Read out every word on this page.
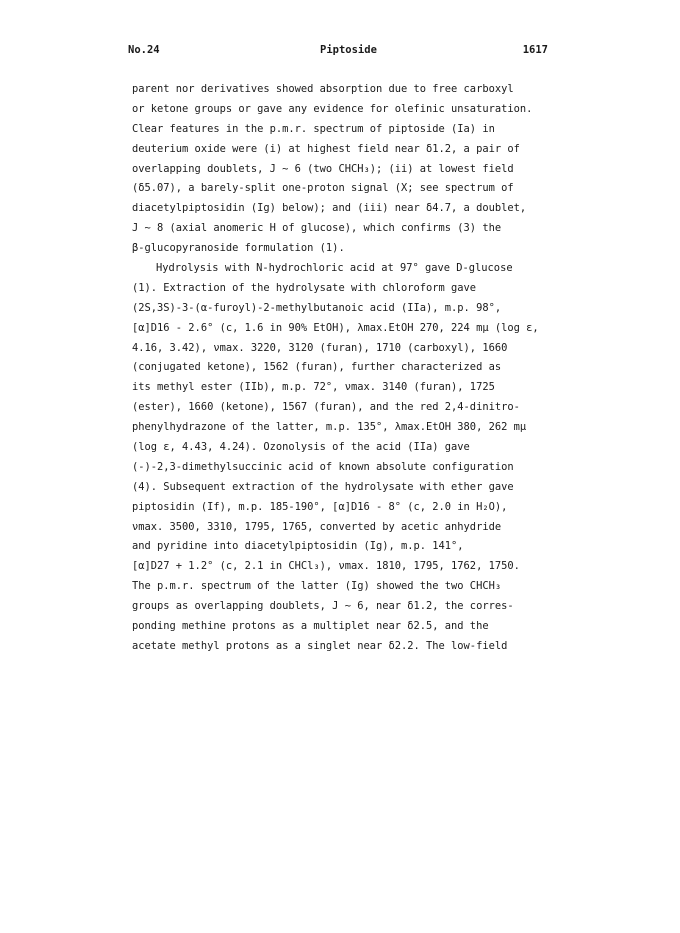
No.24	Piptoside	1617
parent nor derivatives showed absorption due to free carboxyl
or ketone groups or gave any evidence for olefinic unsaturation.
Clear features in the p.m.r. spectrum of piptoside (Ia) in
deuterium oxide were (i) at highest field near δ1.2, a pair of
overlapping doublets, J ∼ 6 (two CHCH₃); (ii) at lowest field
(δ5.07), a barely-split one-proton signal (X; see spectrum of
diacetylpiptosidin (Ig) below); and (iii) near δ4.7, a doublet,
J ∼ 8 (axial anomeric H of glucose), which confirms (3) the
β-glucopyranoside formulation (1).
Hydrolysis with N-hydrochloric acid at 97° gave D-glucose
(1). Extraction of the hydrolysate with chloroform gave
(2S,3S)-3-(α-furoyl)-2-methylbutanoic acid (IIa), m.p. 98°,
[α]D16 - 2.6° (c, 1.6 in 90% EtOH), λmax.EtOH 270, 224 mμ (log ε,
4.16, 3.42), νmax. 3220, 3120 (furan), 1710 (carboxyl), 1660
(conjugated ketone), 1562 (furan), further characterized as
its methyl ester (IIb), m.p. 72°, νmax. 3140 (furan), 1725
(ester), 1660 (ketone), 1567 (furan), and the red 2,4-dinitro-
phenylhydrazone of the latter, m.p. 135°, λmax.EtOH 380, 262 mμ
(log ε, 4.43, 4.24). Ozonolysis of the acid (IIa) gave
(-)-2,3-dimethylsuccinic acid of known absolute configuration
(4). Subsequent extraction of the hydrolysate with ether gave
piptosidin (If), m.p. 185-190°, [α]D16 - 8° (c, 2.0 in H₂O),
νmax. 3500, 3310, 1795, 1765, converted by acetic anhydride
and pyridine into diacetylpiptosidin (Ig), m.p. 141°,
[α]D27 + 1.2° (c, 2.1 in CHCl₃), νmax. 1810, 1795, 1762, 1750.
The p.m.r. spectrum of the latter (Ig) showed the two CHCH₃
groups as overlapping doublets, J ∼ 6, near δ1.2, the corres-
ponding methine protons as a multiplet near δ2.5, and the
acetate methyl protons as a singlet near δ2.2. The low-field
